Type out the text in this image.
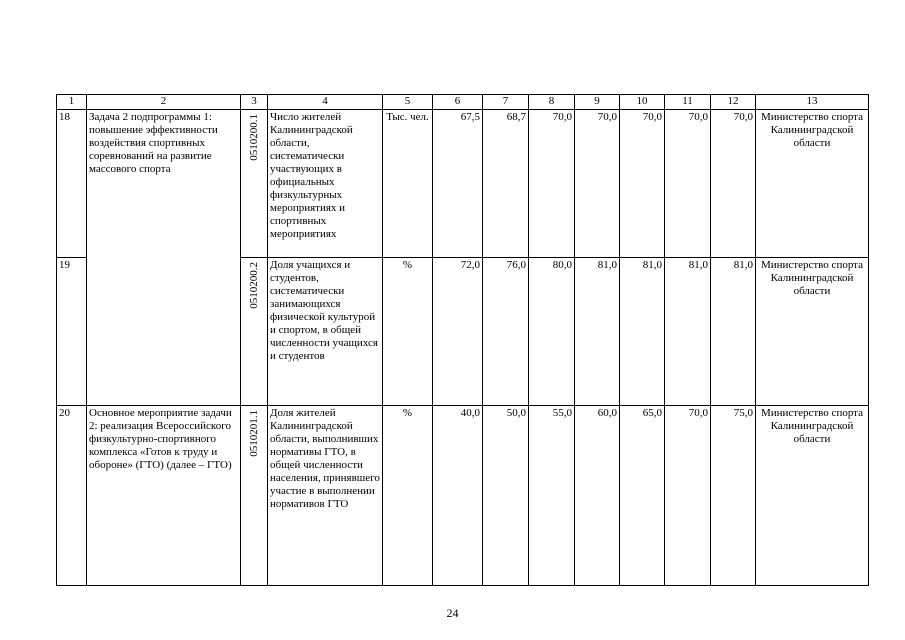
1	2	3	4	5	6	7	8	9	10	11	12	13
18	Задача 2 подпрограммы 1: повышение эффективности воздействия спортивных соревнований на развитие массового спорта	0510200.1	Число жителей Калининградской области, систематически участвующих в официальных физкультурных мероприятиях и спортивных мероприятиях	Тыс. чел.	67,5	68,7	70,0	70,0	70,0	70,0	70,0	Министерство спорта Калининградской области
19		0510200.2	Доля учащихся и студентов, систематически занимающихся физической культурой и спортом, в общей численности учащихся и студентов	%	72,0	76,0	80,0	81,0	81,0	81,0	81,0	Министерство спорта Калининградской области
20	Основное мероприятие задачи 2: реализация Всероссийского физкультурно-спортивного комплекса «Готов к труду и обороне» (ГТО) (далее – ГТО)	0510201.1	Доля жителей Калининградской области, выполнивших нормативы ГТО, в общей численности населения, принявшего участие в выполнении нормативов ГТО	%	40,0	50,0	55,0	60,0	65,0	70,0	75,0	Министерство спорта Калининградской области
24
